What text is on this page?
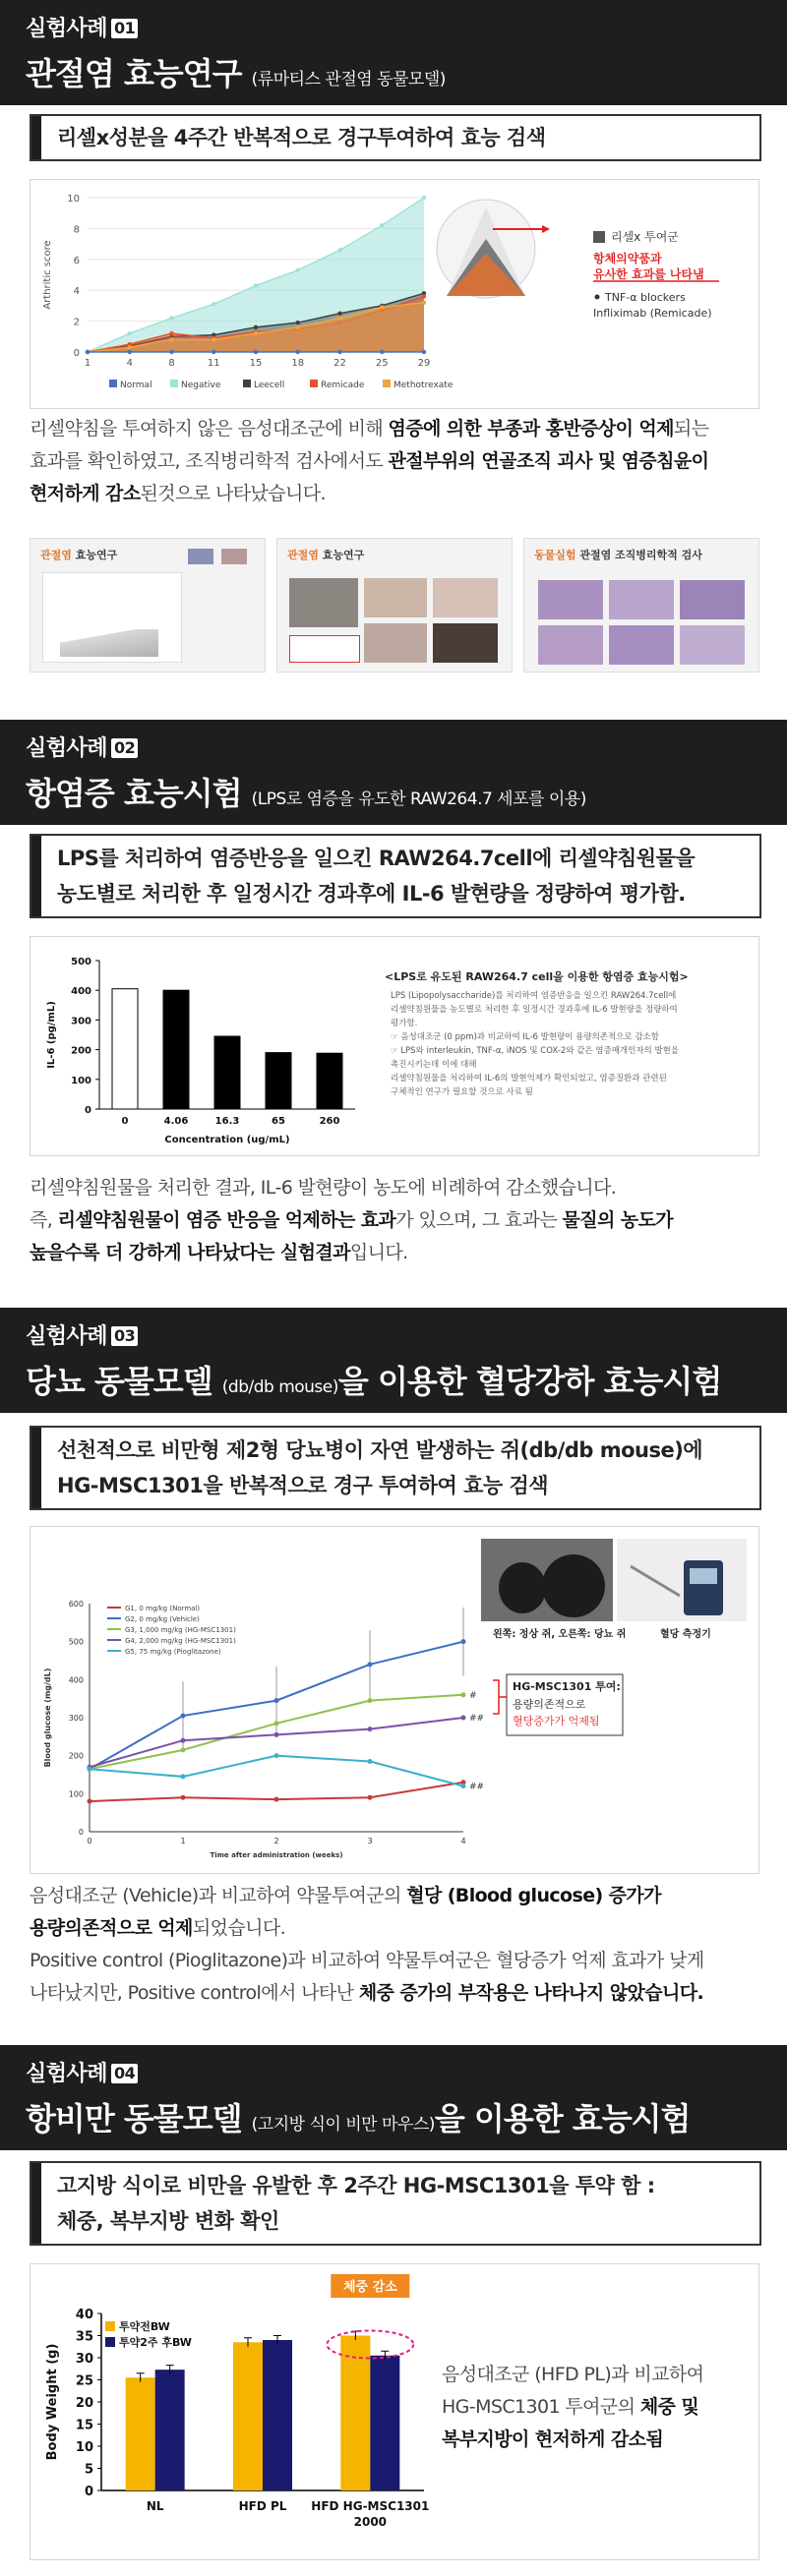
실험사례 01
관절염 효능연구 (류마티스 관절염 동물모델)
리셀x성분을 4주간 반복적으로 경구투여하여 효능 검색
0
2
4
6
8
10
1	4	8	11	15	18	22	25	29
Arthritic score
Normal	Negative	Leecell	Remicade	Methotrexate
리셀x 투여군
항체의약품과
유사한 효과를 나타냄
TNF-α blockers
Infliximab (Remicade)
리셀약침을 투여하지 않은 음성대조군에 비해 염증에 의한 부종과 홍반증상이 억제되는
효과를 확인하였고, 조직병리학적 검사에서도 관절부위의 연골조직 괴사 및 염증침윤이
현저하게 감소된것으로 나타났습니다.
관절염 효능연구	관절염 효능연구	동물실험 관절염 조직병리학적 검사
실험사례 02
항염증 효능시험 (LPS로 염증을 유도한 RAW264.7 세포를 이용)
LPS를 처리하여 염증반응을 일으킨 RAW264.7cell에 리셀약침원물을
농도별로 처리한 후 일정시간 경과후에 IL-6 발현량을 정량하여 평가함.
0
100
200
300
400
500
IL-6 (pg/mL)
0	4.06	16.3	65	260
Concentration (ug/mL)
<LPS로 유도된 RAW264.7 cell을 이용한 항염증 효능시험>
LPS (Lipopolysaccharide)를 처리하여 염증반응을 일으킨 RAW264.7cell에
리셀약침원물을 농도별로 처리한 후 일정시간 경과후에 IL-6 발현량을 정량하여
평가함.
☞ 음성대조군 (0 ppm)과 비교하여 IL-6 발현량이 용량의존적으로 감소함
☞ LPS와 interleukin, TNF-α, iNOS 및 COX-2와 같은 염증매개인자의 발현을
촉진시키는데 이에 대해
리셀약침원물을 처리하여 IL-6의 발현억제가 확인되었고, 염증질환과 관련된
구체적인 연구가 필요할 것으로 사료 됨
리셀약침원물을 처리한 결과, IL-6 발현량이 농도에 비례하여 감소했습니다.
즉, 리셀약침원물이 염증 반응을 억제하는 효과가 있으며, 그 효과는 물질의 농도가
높을수록 더 강하게 나타났다는 실험결과입니다.
실험사례 03
당뇨 동물모델 (db/db mouse)을 이용한 혈당강하 효능시험
선천적으로 비만형 제2형 당뇨병이 자연 발생하는 쥐(db/db mouse)에
HG-MSC1301을 반복적으로 경구 투여하여 효능 검색
0
100
200
300
400
500
600
0	1	2	3	4
Time after administration (weeks)
Blood glucose (mg/dL)
G1, 0 mg/kg (Normal)
G2, 0 mg/kg (Vehicle)
G3, 1,000 mg/kg (HG-MSC1301)
G4, 2,000 mg/kg (HG-MSC1301)
G5, 75 mg/kg (Pioglitazone)
#
##
##
왼쪽: 정상 쥐, 오른쪽: 당뇨 쥐	혈당 측정기
HG-MSC1301 투여:
용량의존적으로
혈당증가가 억제됨
음성대조군 (Vehicle)과 비교하여 약물투여군의 혈당 (Blood glucose) 증가가
용량의존적으로 억제되었습니다.
Positive control (Pioglitazone)과 비교하여 약물투여군은 혈당증가 억제 효과가 낮게
나타났지만, Positive control에서 나타난 체중 증가의 부작용은 나타나지 않았습니다.
실험사례 04
항비만 동물모델 (고지방 식이 비만 마우스)을 이용한 효능시험
고지방 식이로 비만을 유발한 후 2주간 HG-MSC1301을 투약 함 :
체중, 복부지방 변화 확인
0
5
10
15
20
25
30
35
40
Body Weight (g)
NL	HFD PL HFD HG-MSC1301
2000
투약전BW
투약2주 후BW
체중 감소
음성대조군 (HFD PL)과 비교하여
HG-MSC1301 투여군의 체중 및
복부지방이 현저하게 감소됨
